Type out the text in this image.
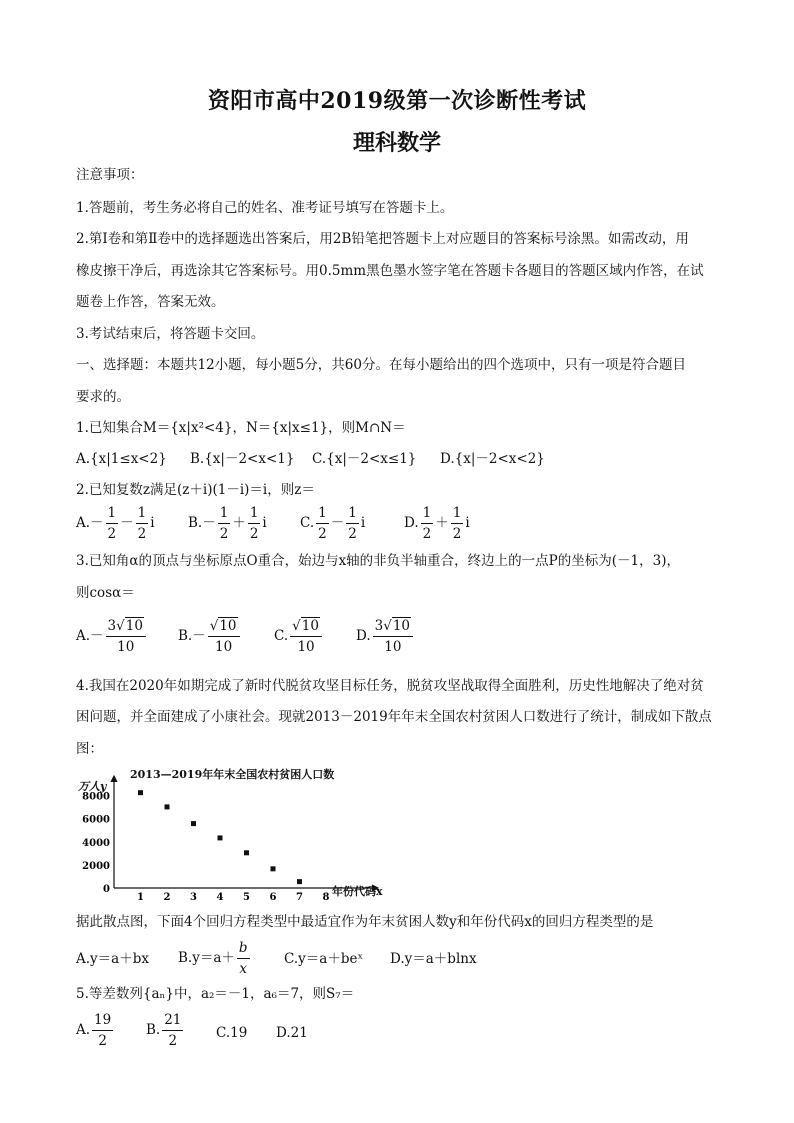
资阳市高中2019级第一次诊断性考试
理科数学
注意事项：
1.答题前，考生务必将自己的姓名、准考证号填写在答题卡上。
2.第Ⅰ卷和第Ⅱ卷中的选择题选出答案后，用2B铅笔把答题卡上对应题目的答案标号涂黑。如需改动，用
橡皮擦干净后，再选涂其它答案标号。用0.5mm黑色墨水签字笔在答题卡各题目的答题区域内作答，在试
题卷上作答，答案无效。
3.考试结束后，将答题卡交回。
一、选择题：本题共12小题，每小题5分，共60分。在每小题给出的四个选项中，只有一项是符合题目
要求的。
1.已知集合M＝{x|x²<4}，N＝{x|x≤1}，则M∩N＝
A.{x|1≤x<2} B.{x|－2<x<1} C.{x|－2<x≤1} D.{x|－2<x<2}
2.已知复数z满足(z＋i)(1－i)＝i，则z＝
$A.- \frac{1}{2} - \frac{1}{2}$ i $B.- \frac{1}{2} + \frac{1}{2}$ i C. $\frac{1}{2} - \frac{1}{2}$ i	D. $\frac{1}{2} + \frac{1}{2}$ i
3.已知角α的顶点与坐标原点O重合，始边与x轴的非负半轴重合，终边上的一点P的坐标为(－1，3)，
则cosα＝
$A.- \frac{3√10}{10} B.- \frac{√10}{10}$	C. $\frac{√10}{10}$	D. $\frac{3√10}{10}$
4.我国在2020年如期完成了新时代脱贫攻坚目标任务，脱贫攻坚战取得全面胜利，历史性地解决了绝对贫
困问题，并全面建成了小康社会。现就2013－2019年年末全国农村贫困人口数进行了统计，制成如下散点
图：
2013—2019年年末全国农村贫困人口数
万人y
年份代码x
1 2 3 4 5 6 7 8
0
2000
4000
6000
8000
据此散点图，下面4个回归方程类型中最适宜作为年末贫困人数y和年份代码x的回归方程类型的是
A.y＝a＋bx $B.y=a+ \frac{b}{x}$	C.y＝a＋beˣ D.y＝a＋blnx
5.等差数列{aₙ}中，a₂＝－1，a₆＝7，则S₇＝
A. $\frac{19}{2} B$. $\frac{21}{2} C.19$ D.21
